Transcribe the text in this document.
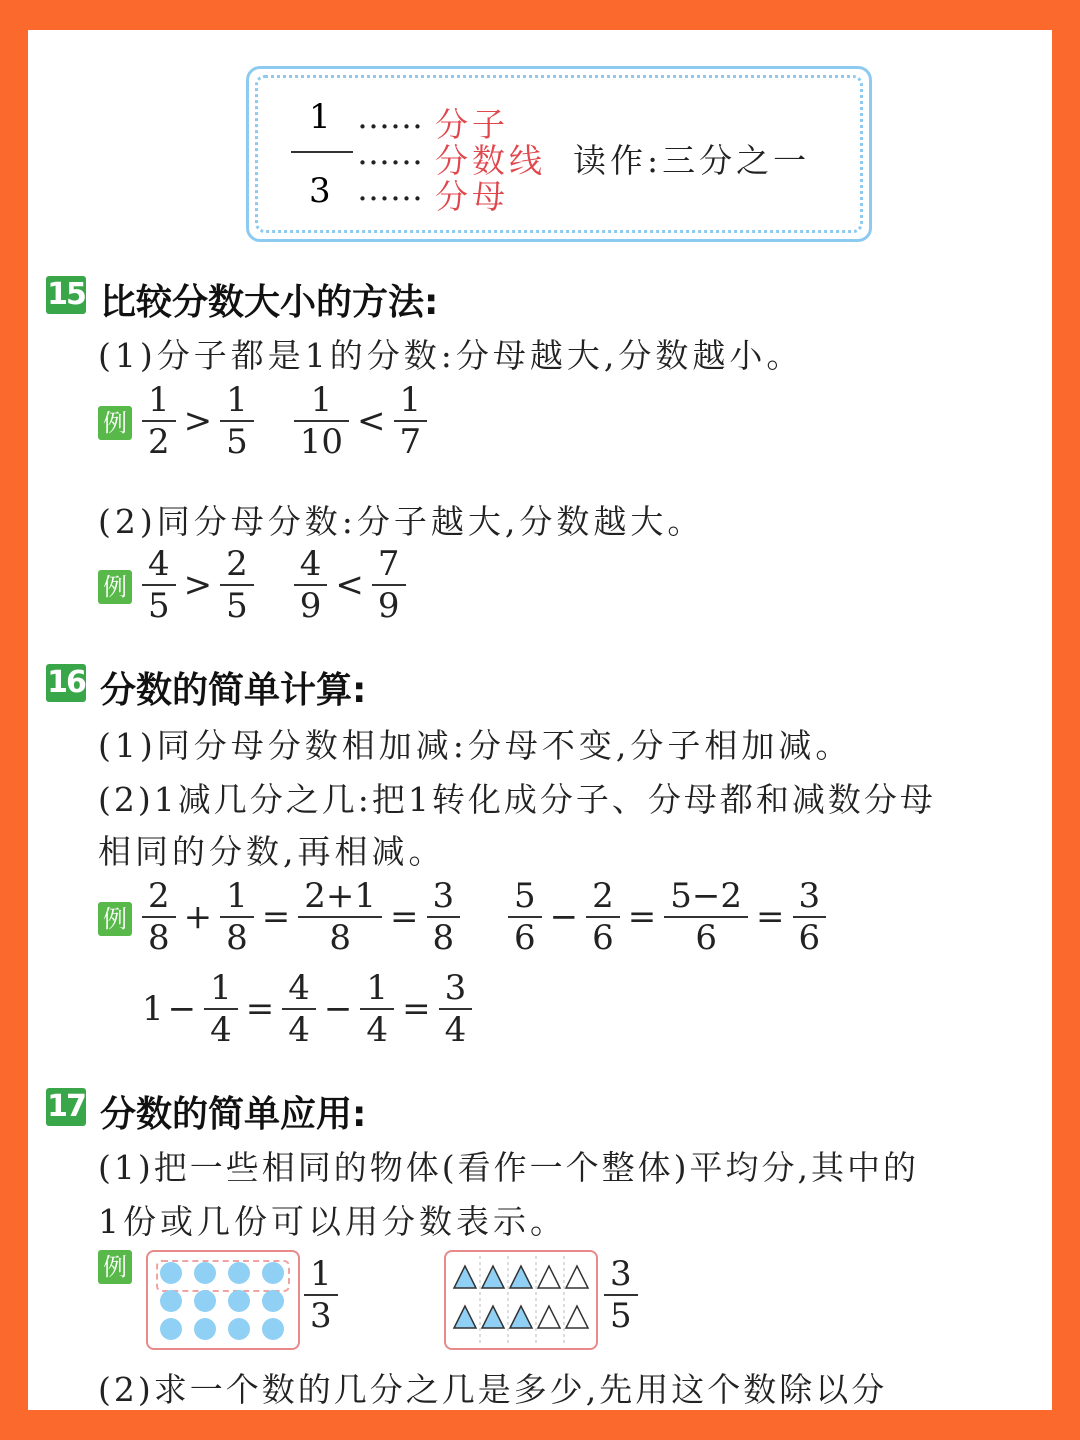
1
3
……
……
……
分子
分数线
分母
读作:三分之一
15 比较分数大小的方法:
(1)分子都是1的分数:分母越大,分数越小。
例 $\frac{1}{2} > \frac{1}{5} \frac{1}{10} < \frac{1}{7}$
(2)同分母分数:分子越大,分数越大。
例 $\frac{4}{5} > \frac{2}{5} \frac{4}{9} < \frac{7}{9}$
16 分数的简单计算:
(1)同分母分数相加减:分母不变,分子相加减。
(2)1减几分之几:把1转化成分子、分母都和减数分母
相同的分数,再相减。
例 $\frac{2}{8} + \frac{1}{8} = \frac{2+1}{8} = \frac{3}{8} \frac{5}{6} - \frac{2}{6} = \frac{5-2}{6} = \frac{3}{6}$
$1 - \frac{1}{4} = \frac{4}{4} - \frac{1}{4} = \frac{3}{4}$
17 分数的简单应用:
(1)把一些相同的物体(看作一个整体)平均分,其中的
1份或几份可以用分数表示。
例	$\frac{1}{3}$	$\frac{3}{5}$
(2)求一个数的几分之几是多少,先用这个数除以分
